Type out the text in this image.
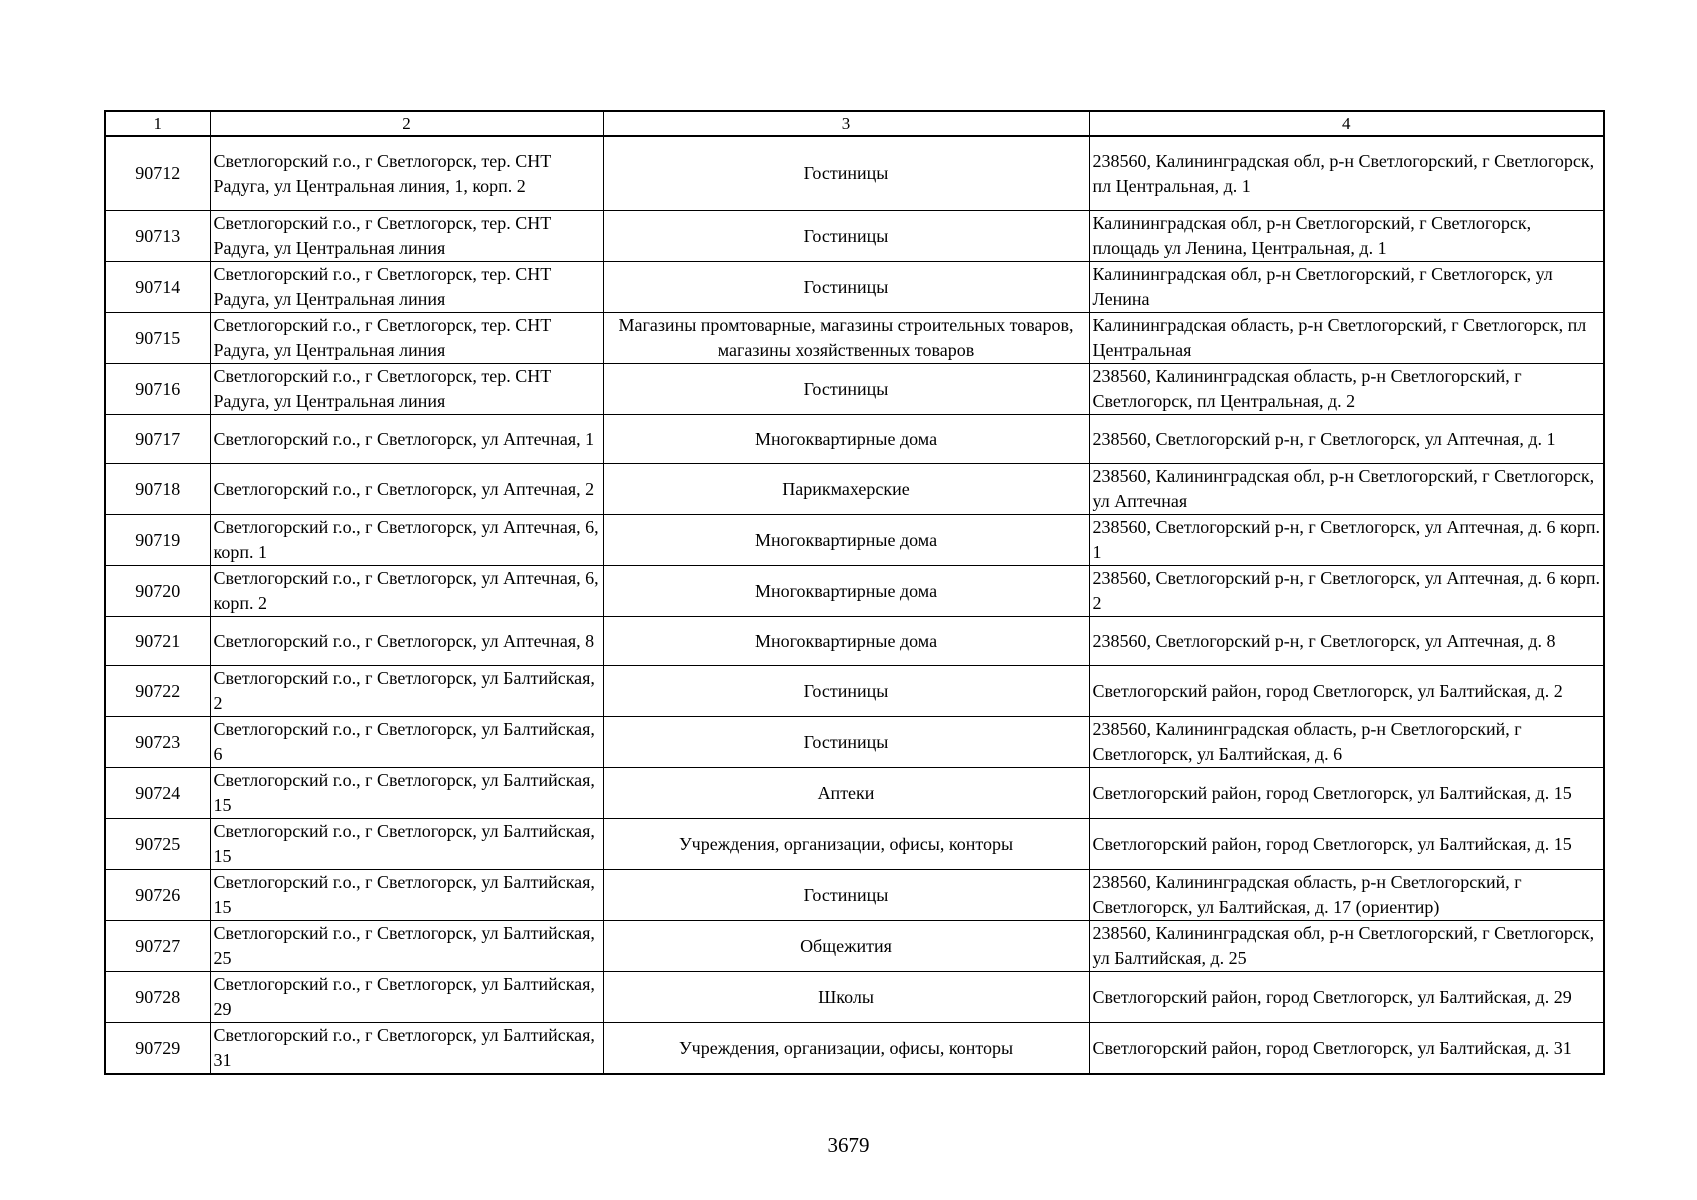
1	2	3	4
90712	Светлогорский г.о., г Светлогорск, тер. СНТ Радуга, ул Центральная линия, 1, корп. 2	Гостиницы	238560, Калининградская обл, р-н Светлогорский, г Светлогорск, пл Центральная, д. 1
90713	Светлогорский г.о., г Светлогорск, тер. СНТ Радуга, ул Центральная линия	Гостиницы	Калининградская обл, р-н Светлогорский, г Светлогорск, площадь ул Ленина, Центральная, д. 1
90714	Светлогорский г.о., г Светлогорск, тер. СНТ Радуга, ул Центральная линия	Гостиницы	Калининградская обл, р-н Светлогорский, г Светлогорск, ул Ленина
90715	Светлогорский г.о., г Светлогорск, тер. СНТ Радуга, ул Центральная линия	Магазины промтоварные, магазины строительных товаров, магазины хозяйственных товаров	Калининградская область, р-н Светлогорский, г Светлогорск, пл Центральная
90716	Светлогорский г.о., г Светлогорск, тер. СНТ Радуга, ул Центральная линия	Гостиницы	238560, Калининградская область, р-н Светлогорский, г Светлогорск, пл Центральная, д. 2
90717	Светлогорский г.о., г Светлогорск, ул Аптечная, 1	Многоквартирные дома	238560, Светлогорский р-н, г Светлогорск, ул Аптечная, д. 1
90718	Светлогорский г.о., г Светлогорск, ул Аптечная, 2	Парикмахерские	238560, Калининградская обл, р-н Светлогорский, г Светлогорск, ул Аптечная
90719	Светлогорский г.о., г Светлогорск, ул Аптечная, 6, корп. 1	Многоквартирные дома	238560, Светлогорский р-н, г Светлогорск, ул Аптечная, д. 6 корп. 1
90720	Светлогорский г.о., г Светлогорск, ул Аптечная, 6, корп. 2	Многоквартирные дома	238560, Светлогорский р-н, г Светлогорск, ул Аптечная, д. 6 корп. 2
90721	Светлогорский г.о., г Светлогорск, ул Аптечная, 8	Многоквартирные дома	238560, Светлогорский р-н, г Светлогорск, ул Аптечная, д. 8
90722	Светлогорский г.о., г Светлогорск, ул Балтийская, 2	Гостиницы	Светлогорский район, город Светлогорск, ул Балтийская, д. 2
90723	Светлогорский г.о., г Светлогорск, ул Балтийская, 6	Гостиницы	238560, Калининградская область, р-н Светлогорский, г Светлогорск, ул Балтийская, д. 6
90724	Светлогорский г.о., г Светлогорск, ул Балтийская, 15	Аптеки	Светлогорский район, город Светлогорск, ул Балтийская, д. 15
90725	Светлогорский г.о., г Светлогорск, ул Балтийская, 15	Учреждения, организации, офисы, конторы	Светлогорский район, город Светлогорск, ул Балтийская, д. 15
90726	Светлогорский г.о., г Светлогорск, ул Балтийская, 15	Гостиницы	238560, Калининградская область, р-н Светлогорский, г Светлогорск, ул Балтийская, д. 17 (ориентир)
90727	Светлогорский г.о., г Светлогорск, ул Балтийская, 25	Общежития	238560, Калининградская обл, р-н Светлогорский, г Светлогорск, ул Балтийская, д. 25
90728	Светлогорский г.о., г Светлогорск, ул Балтийская, 29	Школы	Светлогорский район, город Светлогорск, ул Балтийская, д. 29
90729	Светлогорский г.о., г Светлогорск, ул Балтийская, 31	Учреждения, организации, офисы, конторы	Светлогорский район, город Светлогорск, ул Балтийская, д. 31
3679
